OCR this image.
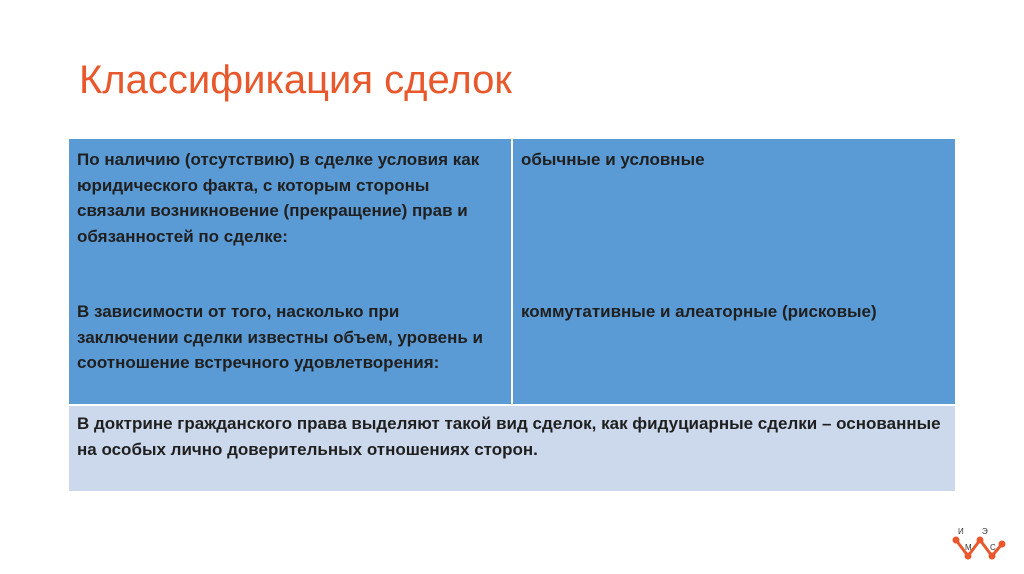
Классификация сделок
По наличию (отсутствию) в сделке условия как юридического факта, с которым стороны связали возникновение (прекращение) прав и обязанностей по сделке:
В зависимости от того, насколько при заключении сделки известны объем, уровень и соотношение встречного удовлетворения:
обычные и условные
коммутативные и алеаторные (рисковые)
В доктрине гражданского права выделяют такой вид сделок, как фидуциарные сделки – основанные на особых лично доверительных отношениях сторон.
И
М
Э
С
